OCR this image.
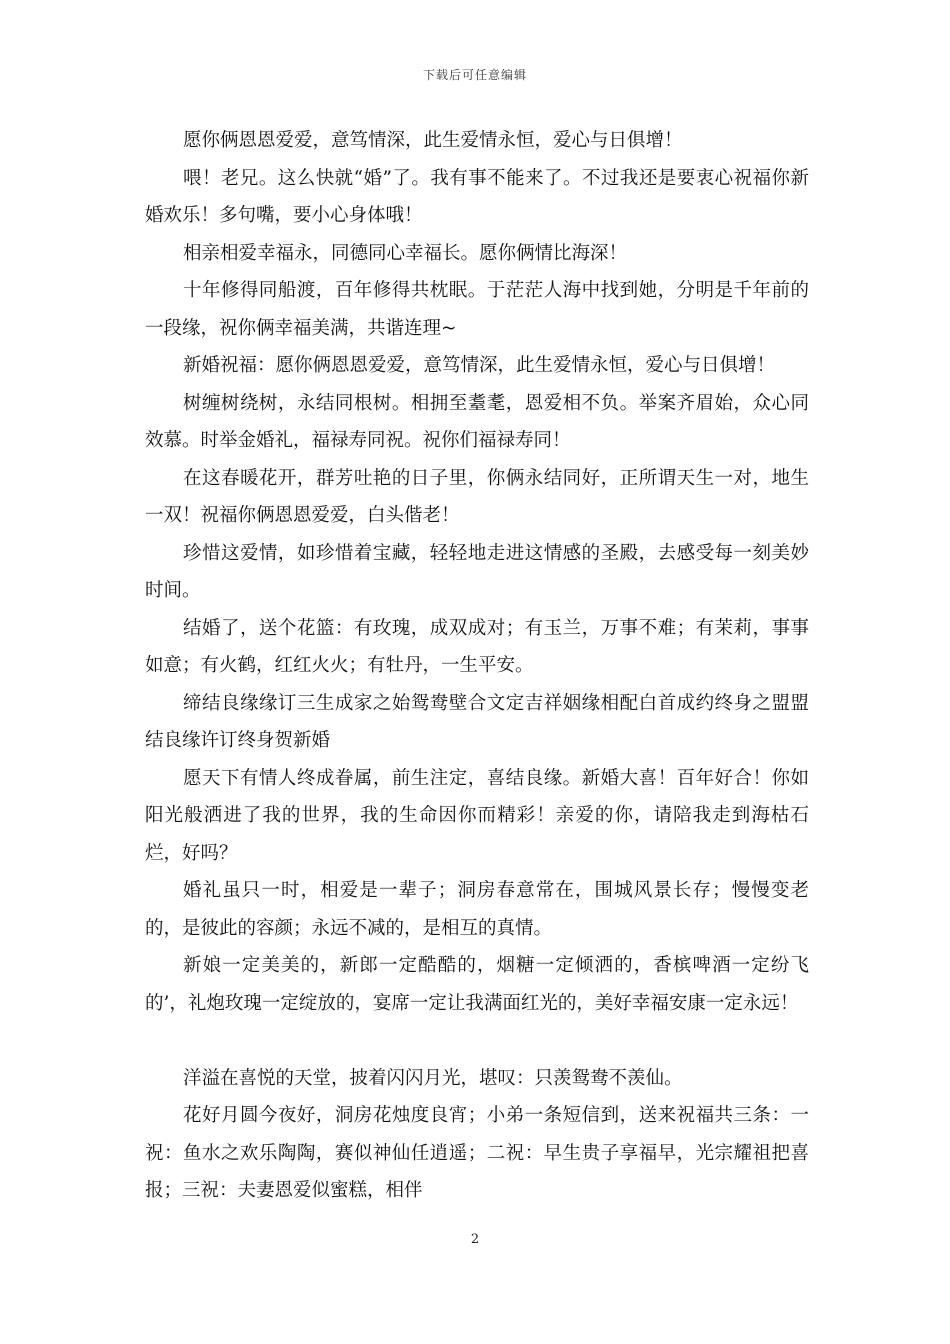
下载后可任意编辑

愿你俩恩恩爱爱，意笃情深，此生爱情永恒，爱心与日俱增！

喂！老兄。这么快就“婚”了。我有事不能来了。不过我还是要衷心祝福你新婚欢乐！多句嘴，要小心身体哦！

相亲相爱幸福永，同德同心幸福长。愿你俩情比海深！

十年修得同船渡，百年修得共枕眠。于茫茫人海中找到她，分明是千年前的一段缘，祝你俩幸福美满，共谐连理~

新婚祝福：愿你俩恩恩爱爱，意笃情深，此生爱情永恒，爱心与日俱增！

树缠树绕树，永结同根树。相拥至耋耄，恩爱相不负。举案齐眉始，众心同效慕。时举金婚礼，福禄寿同祝。祝你们福禄寿同！

在这春暖花开，群芳吐艳的日子里，你俩永结同好，正所谓天生一对，地生一双！祝福你俩恩恩爱爱，白头偕老！

珍惜这爱情，如珍惜着宝藏，轻轻地走进这情感的圣殿，去感受每一刻美妙时间。

结婚了，送个花篮：有玫瑰，成双成对；有玉兰，万事不难；有茉莉，事事如意；有火鹤，红红火火；有牡丹，一生平安。

缔结良缘缘订三生成家之始鸳鸯壁合文定吉祥姻缘相配白首成约终身之盟盟结良缘许订终身贺新婚

愿天下有情人终成眷属，前生注定，喜结良缘。新婚大喜！百年好合！你如阳光般洒进了我的世界，我的生命因你而精彩！亲爱的你，请陪我走到海枯石烂，好吗？

婚礼虽只一时，相爱是一辈子；洞房春意常在，围城风景长存；慢慢变老的，是彼此的容颜；永远不减的，是相互的真情。

新娘一定美美的，新郎一定酷酷的，烟糖一定倾洒的，香槟啤酒一定纷飞的’，礼炮玫瑰一定绽放的，宴席一定让我满面红光的，美好幸福安康一定永远！

洋溢在喜悦的天堂，披着闪闪月光，堪叹：只羡鸳鸯不羡仙。

花好月圆今夜好，洞房花烛度良宵；小弟一条短信到，送来祝福共三条：一祝：鱼水之欢乐陶陶，赛似神仙任逍遥；二祝：早生贵子享福早，光宗耀祖把喜报；三祝：夫妻恩爱似蜜糕，相伴

2
